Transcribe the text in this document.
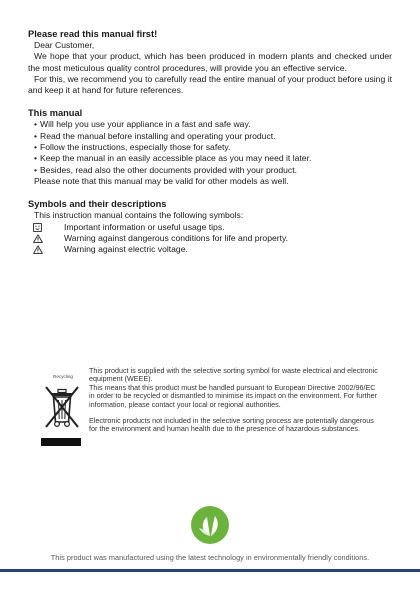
Please read this manual first!

Dear Customer,

We hope that your product, which has been produced in modern plants and checked under the most meticulous quality control procedures, will provide you an effective service.

For this, we recommend you to carefully read the entire manual of your product before using it and keep it at hand for future references.

This manual
• Will help you use your appliance in a fast and safe way.
• Read the manual before installing and operating your product.
• Follow the instructions, especially those for safety.
• Keep the manual in an easily accessible place as you may need it later.
• Besides, read also the other documents provided with your product.

Please note that this manual may be valid for other models as well.

Symbols and their descriptions

This instruction manual contains the following symbols:

Important information or useful usage tips.
Warning against dangerous conditions for life and property.
Warning against electric voltage.
Recycling

This product is supplied with the selective sorting symbol for waste electrical and electronic equipment (WEEE).

This means that this product must be handled pursuant to European Directive 2002/96/EC in order to be recycled or dismantled to minimise its impact on the environment. For further information, please contact your local or regional authorities.

Electronic products not included in the selective sorting process are potentially dangerous for the environment and human health due to the presence of hazardous substances.

This product was manufactured using the latest technology in environmentally friendly conditions.
